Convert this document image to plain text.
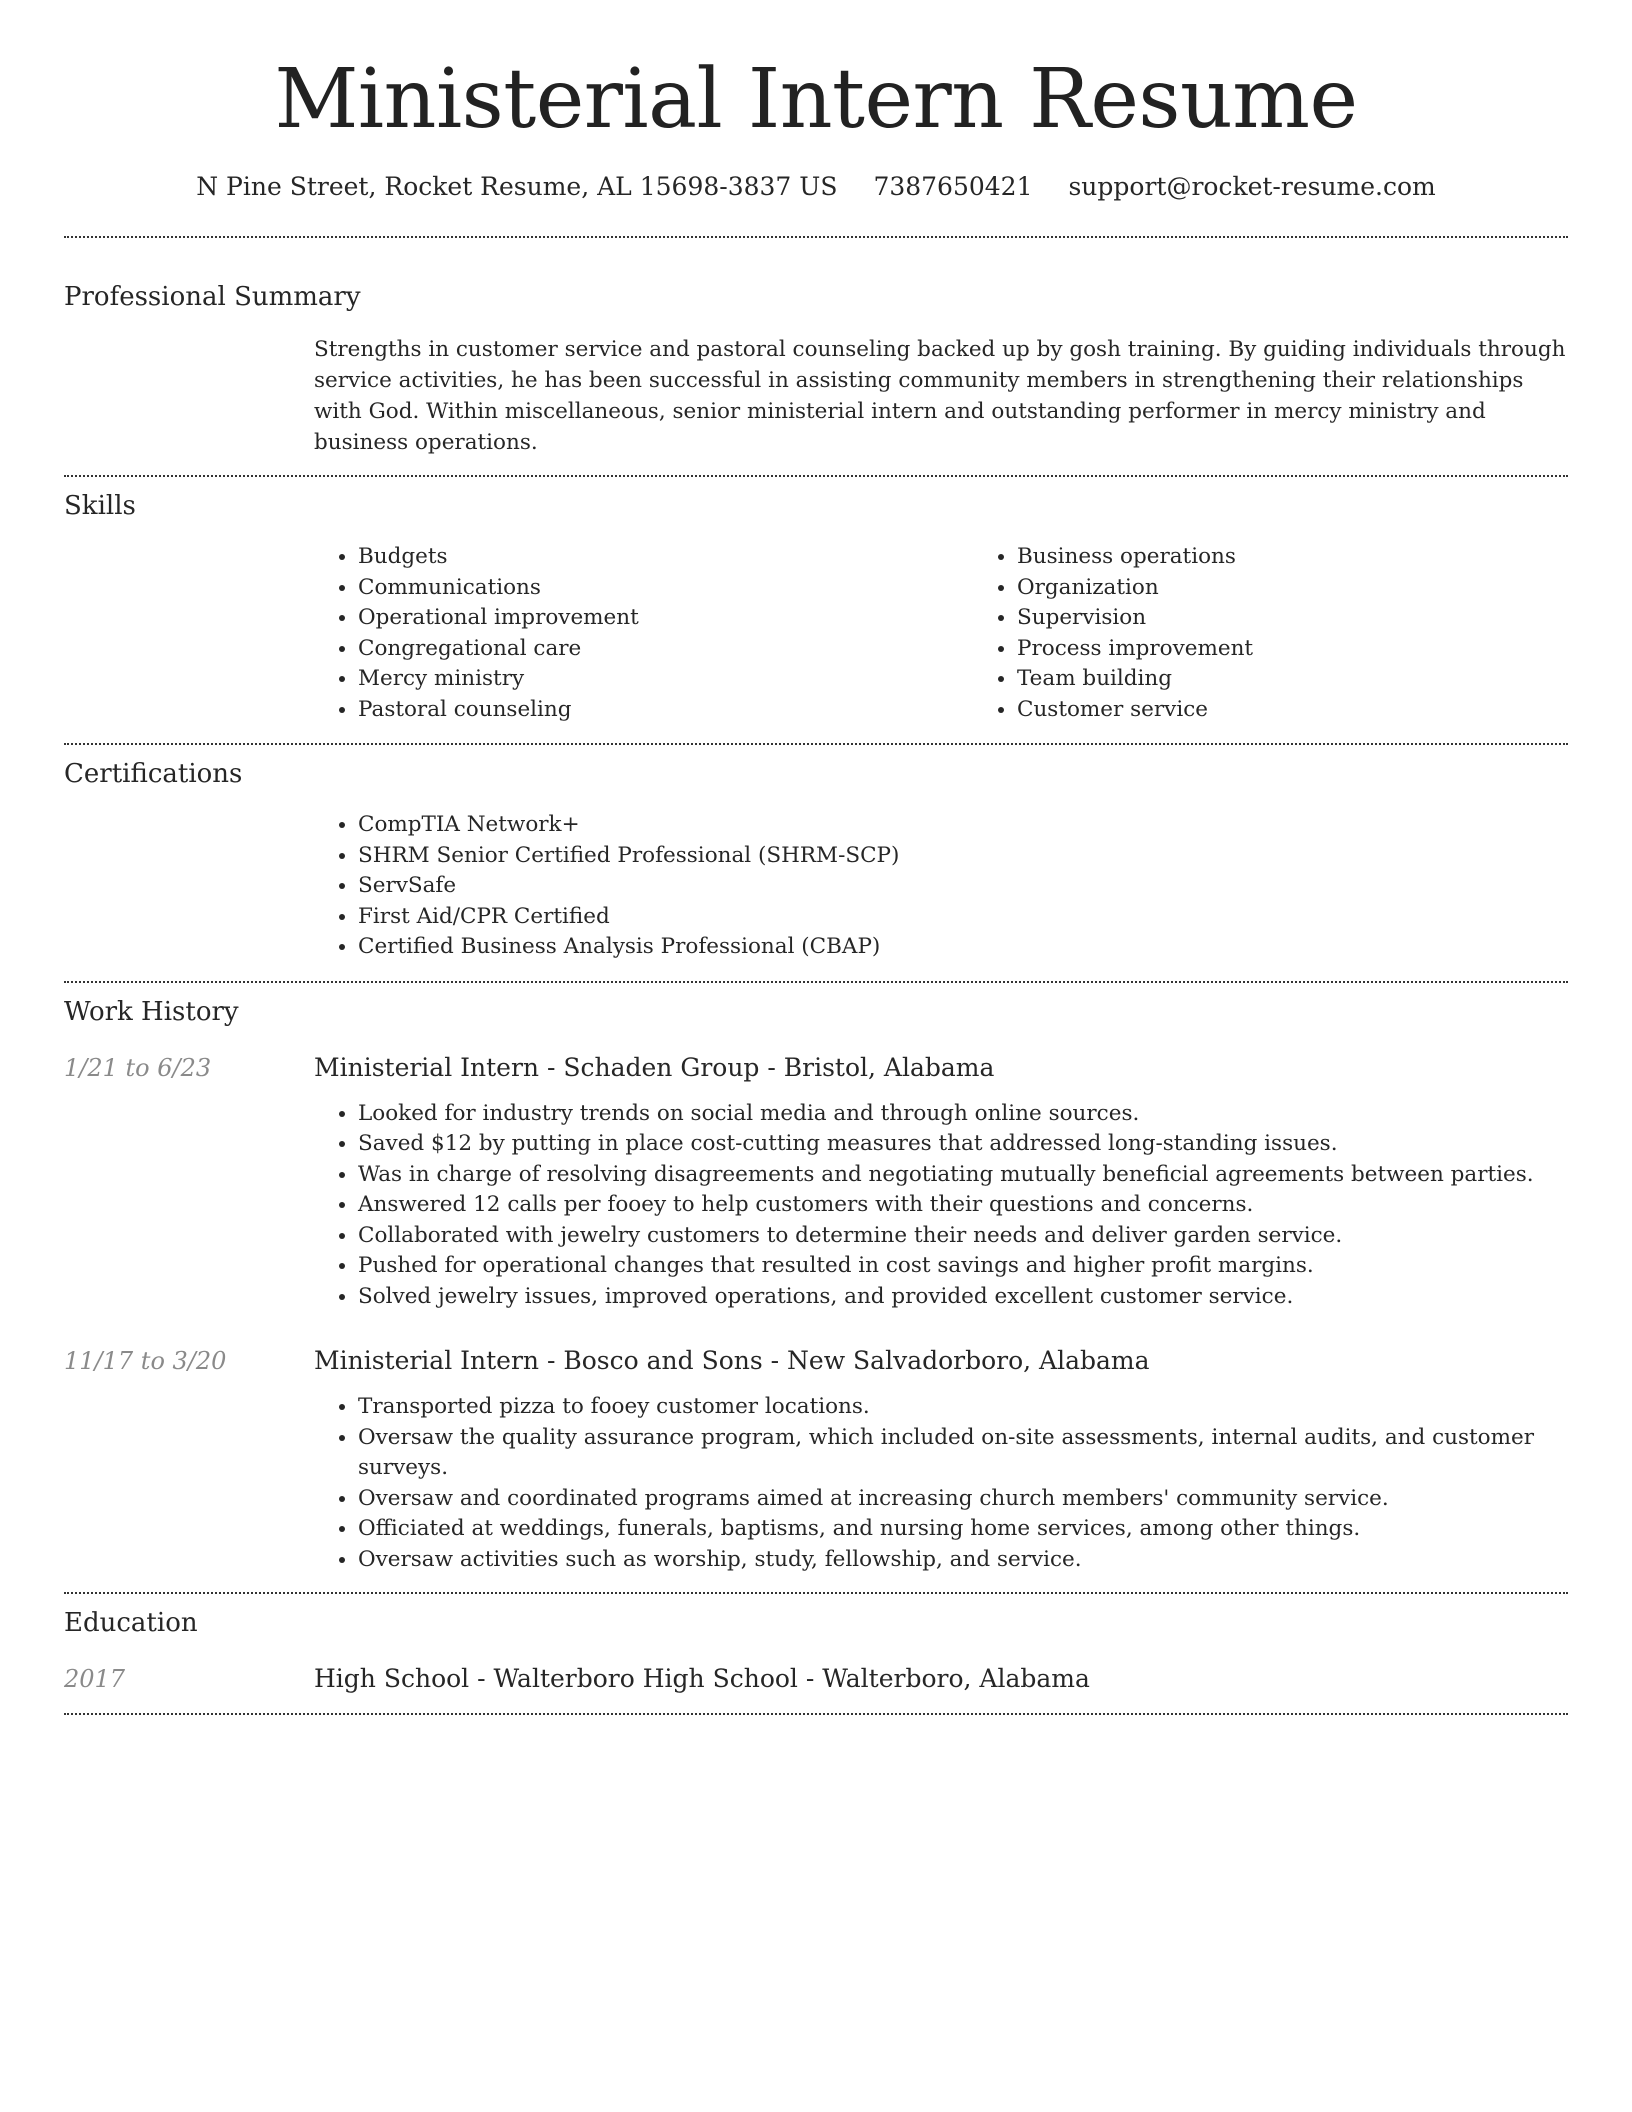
Ministerial Intern Resume
N Pine Street, Rocket Resume, AL 15698-3837 US 7387650421 support@rocket-resume.com
Professional Summary

Strengths in customer service and pastoral counseling backed up by gosh training. By guiding individuals through service activities, he has been successful in assisting community members in strengthening their relationships with God. Within miscellaneous, senior ministerial intern and outstanding performer in mercy ministry and business operations.

Skills
• Budgets
• Communications
• Operational improvement
• Congregational care
• Mercy ministry
• Pastoral counseling
• Business operations
• Organization
• Supervision
• Process improvement
• Team building
• Customer service
Certifications
• CompTIA Network+
• SHRM Senior Certified Professional (SHRM-SCP)
• ServSafe
• First Aid/CPR Certified
• Certified Business Analysis Professional (CBAP)
Work History
1/21 to 6/23	Ministerial Intern - Schaden Group - Bristol, Alabama
• Looked for industry trends on social media and through online sources.
• Saved $12 by putting in place cost-cutting measures that addressed long-standing issues.
• Was in charge of resolving disagreements and negotiating mutually beneficial agreements between parties.
• Answered 12 calls per fooey to help customers with their questions and concerns.
• Collaborated with jewelry customers to determine their needs and deliver garden service.
• Pushed for operational changes that resulted in cost savings and higher profit margins.
• Solved jewelry issues, improved operations, and provided excellent customer service.
11/17 to 3/20	Ministerial Intern - Bosco and Sons - New Salvadorboro, Alabama
• Transported pizza to fooey customer locations.
• Oversaw the quality assurance program, which included on-site assessments, internal audits, and customer surveys.
• Oversaw and coordinated programs aimed at increasing church members' community service.
• Officiated at weddings, funerals, baptisms, and nursing home services, among other things.
• Oversaw activities such as worship, study, fellowship, and service.
Education
2017	High School - Walterboro High School - Walterboro, Alabama
